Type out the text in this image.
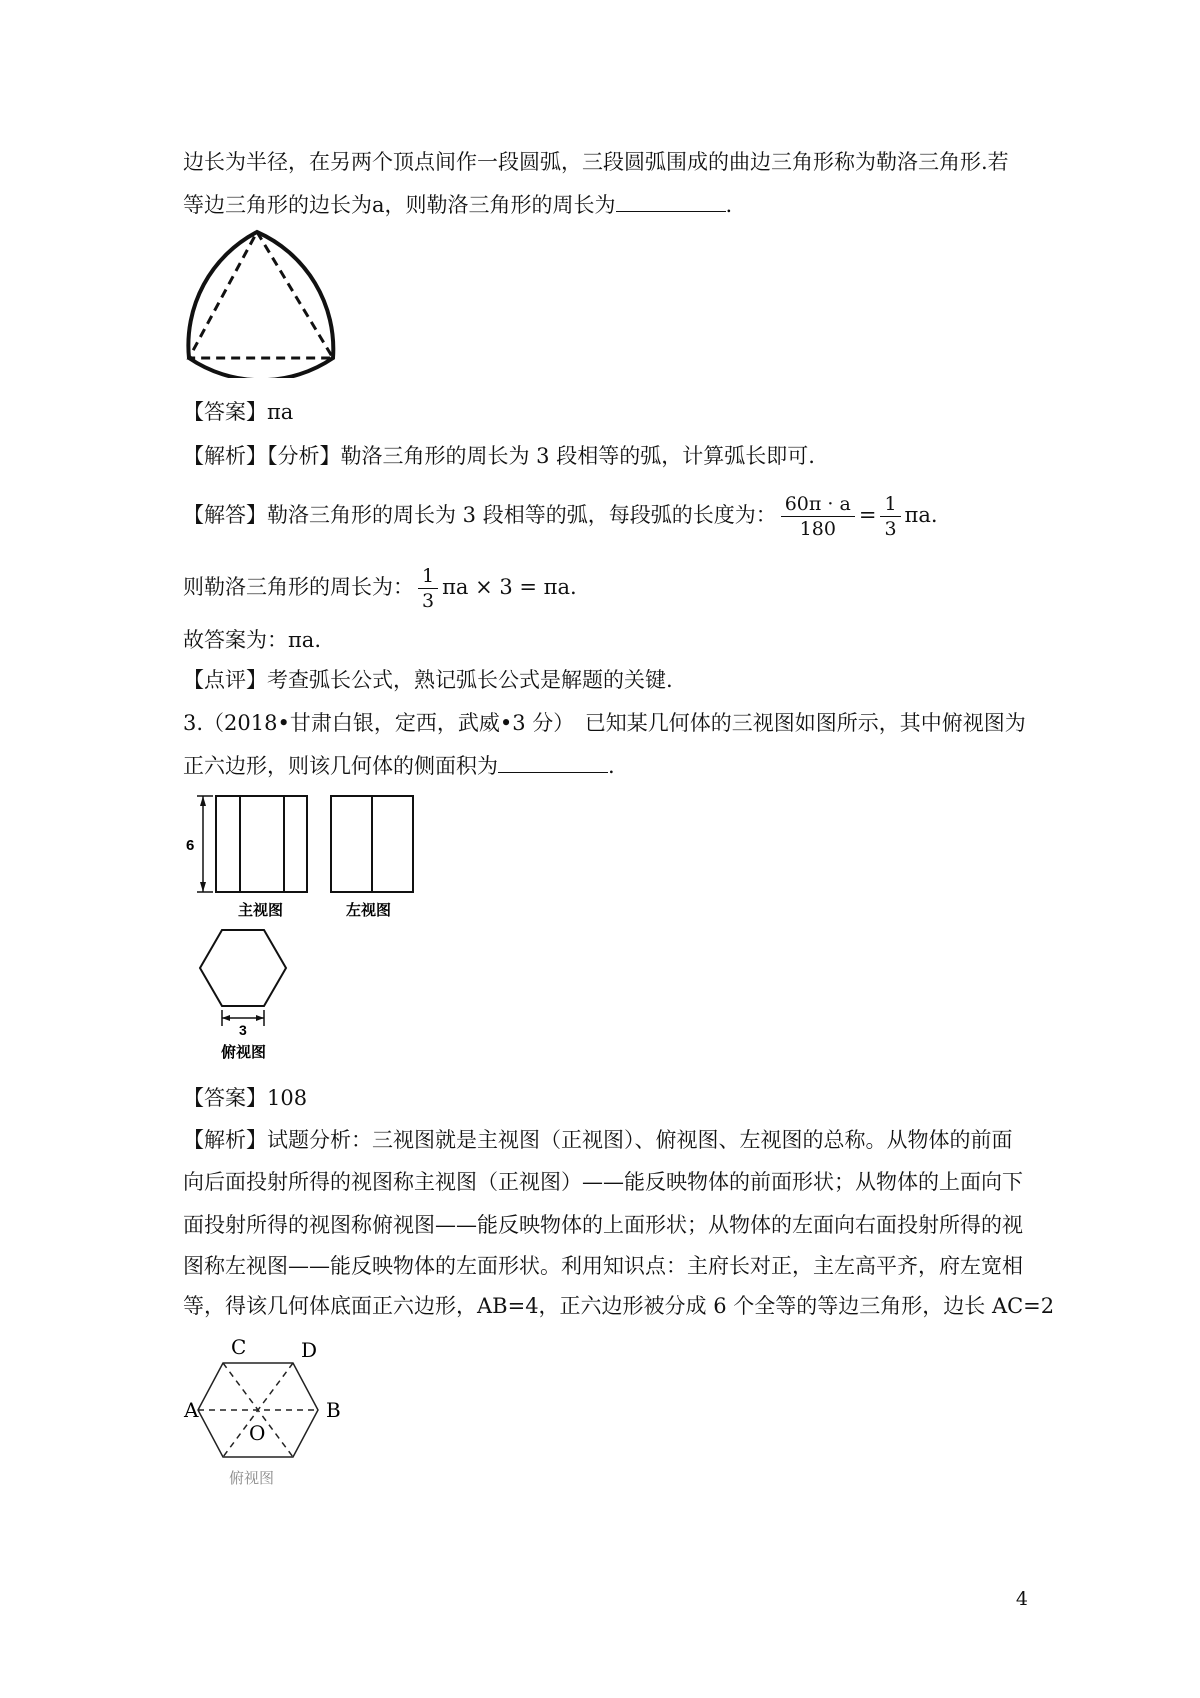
边长为半径，在另两个顶点间作一段圆弧，三段圆弧围成的曲边三角形称为勒洛三角形.若
等边三角形的边长为a，则勒洛三角形的周长为	.
【答案】πa
【解析】【分析】勒洛三角形的周长为 3 段相等的弧，计算弧长即可.
【解答】勒洛三角形的周长为 3 段相等的弧，每段弧的长度为： $\frac{60\pi \cdot a}{180} = \frac{1}{3} \pi a$.
则勒洛三角形的周长为： $\frac{1}{3}$ πa × 3 = πa.
故答案为：πa.
【点评】考查弧长公式，熟记弧长公式是解题的关键.
3.（2018•甘肃白银，定西，武威•3 分）　已知某几何体的三视图如图所示，其中俯视图为
正六边形，则该几何体的侧面积为	.
6
主视图	左视图
3
俯视图
【答案】108
【解析】试题分析：三视图就是主视图（正视图）、俯视图、左视图的总称。从物体的前面
向后面投射所得的视图称主视图（正视图）——能反映物体的前面形状；从物体的上面向下
面投射所得的视图称俯视图——能反映物体的上面形状；从物体的左面向右面投射所得的视
图称左视图——能反映物体的左面形状。利用知识点：主府长对正，主左高平齐，府左宽相
等，得该几何体底面正六边形，AB=4，正六边形被分成 6 个全等的等边三角形，边长 AC=2
C	D
A	B
O
俯视图
4
